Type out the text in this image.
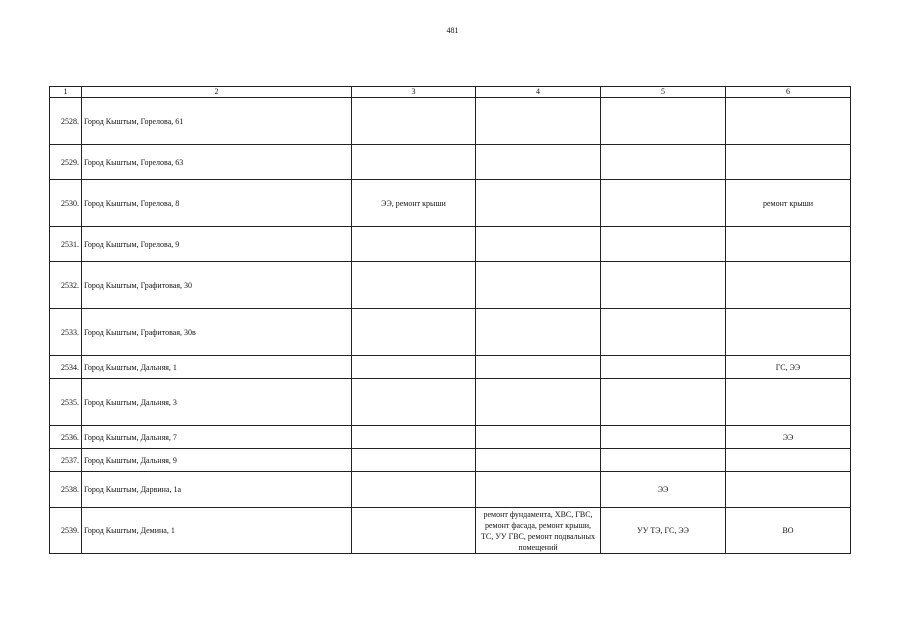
481
1	2	3	4	5	6
2528.	Город Кыштым, Горелова, 61				
2529.	Город Кыштым, Горелова, 63				
2530.	Город Кыштым, Горелова, 8	ЭЭ, ремонт крыши			ремонт крыши
2531.	Город Кыштым, Горелова, 9				
2532.	Город Кыштым, Графитовая, 30				
2533.	Город Кыштым, Графитовая, 30в				
2534.	Город Кыштым, Дальняя, 1				ГС, ЭЭ
2535.	Город Кыштым, Дальняя, 3				
2536.	Город Кыштым, Дальняя, 7				ЭЭ
2537.	Город Кыштым, Дальняя, 9				
2538.	Город Кыштым, Дарвина, 1а			ЭЭ	
2539.	Город Кыштым, Демина, 1		ремонт фундамента, ХВС, ГВС, ремонт фасада, ремонт крыши, ТС, УУ ГВС, ремонт подвальных помещений	УУ ТЭ, ГС, ЭЭ	ВО
